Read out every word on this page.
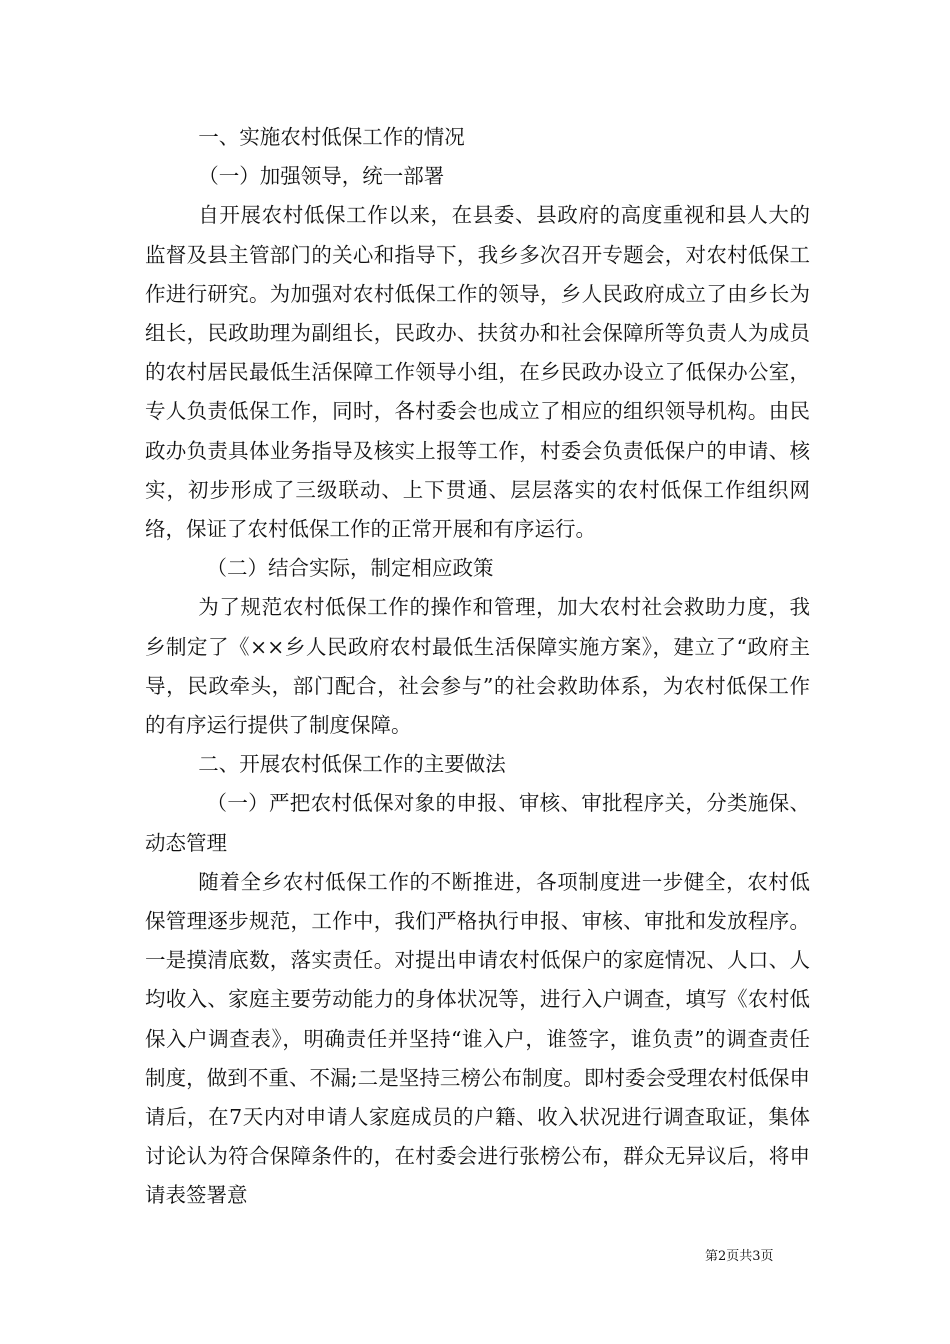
一、实施农村低保工作的情况

（一）加强领导，统一部署

自开展农村低保工作以来，在县委、县政府的高度重视和县人大的监督及县主管部门的关心和指导下，我乡多次召开专题会，对农村低保工作进行研究。为加强对农村低保工作的领导，乡人民政府成立了由乡长为组长，民政助理为副组长，民政办、扶贫办和社会保障所等负责人为成员的农村居民最低生活保障工作领导小组，在乡民政办设立了低保办公室，专人负责低保工作，同时，各村委会也成立了相应的组织领导机构。由民政办负责具体业务指导及核实上报等工作，村委会负责低保户的申请、核实，初步形成了三级联动、上下贯通、层层落实的农村低保工作组织网络，保证了农村低保工作的正常开展和有序运行。

（二）结合实际，制定相应政策

为了规范农村低保工作的操作和管理，加大农村社会救助力度，我乡制定了《××乡人民政府农村最低生活保障实施方案》，建立了“政府主导，民政牵头，部门配合，社会参与”的社会救助体系，为农村低保工作的有序运行提供了制度保障。

二、开展农村低保工作的主要做法

（一）严把农村低保对象的申报、审核、审批程序关，分类施保、动态管理

随着全乡农村低保工作的不断推进，各项制度进一步健全，农村低保管理逐步规范，工作中，我们严格执行申报、审核、审批和发放程序。一是摸清底数，落实责任。对提出申请农村低保户的家庭情况、人口、人均收入、家庭主要劳动能力的身体状况等，进行入户调查，填写《农村低保入户调查表》，明确责任并坚持“谁入户，谁签字，谁负责”的调查责任制度，做到不重、不漏;二是坚持三榜公布制度。即村委会受理农村低保申请后，在7天内对申请人家庭成员的户籍、收入状况进行调查取证，集体讨论认为符合保障条件的，在村委会进行张榜公布，群众无异议后，将申请表签署意

第2页共3页
